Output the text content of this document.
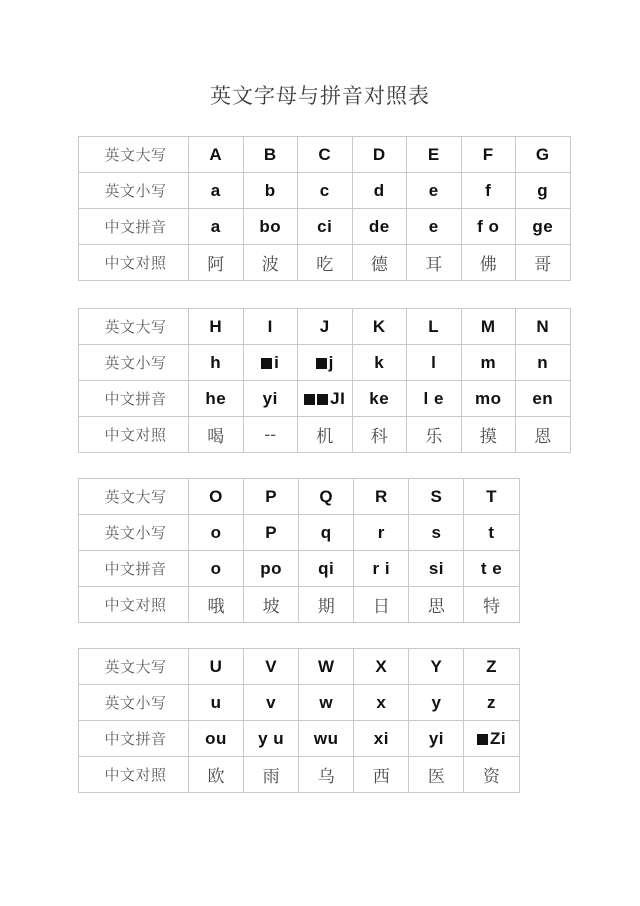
英文字母与拼音对照表
英文大写	A	B	C	D	E	F	G
英文小写	a	b	c	d	e	f	g
中文拼音	a	bo	ci	de	e	f o	ge
中文对照	阿	波	吃	德	耳	佛	哥
英文大写	H	I	J	K	L	M	N
英文小写	h	i	j	k	l	m	n
中文拼音	he	yi	JI	ke	l e	mo	en
中文对照	喝	--	机	科	乐	摸	恩
英文大写	O	P	Q	R	S	T
英文小写	o	P	q	r	s	t
中文拼音	o	po	qi	r i	si	t e
中文对照	哦	坡	期	日	思	特
英文大写	U	V	W	X	Y	Z
英文小写	u	v	w	x	y	z
中文拼音	ou	y u	wu	xi	yi	Zi
中文对照	欧	雨	乌	西	医	资
